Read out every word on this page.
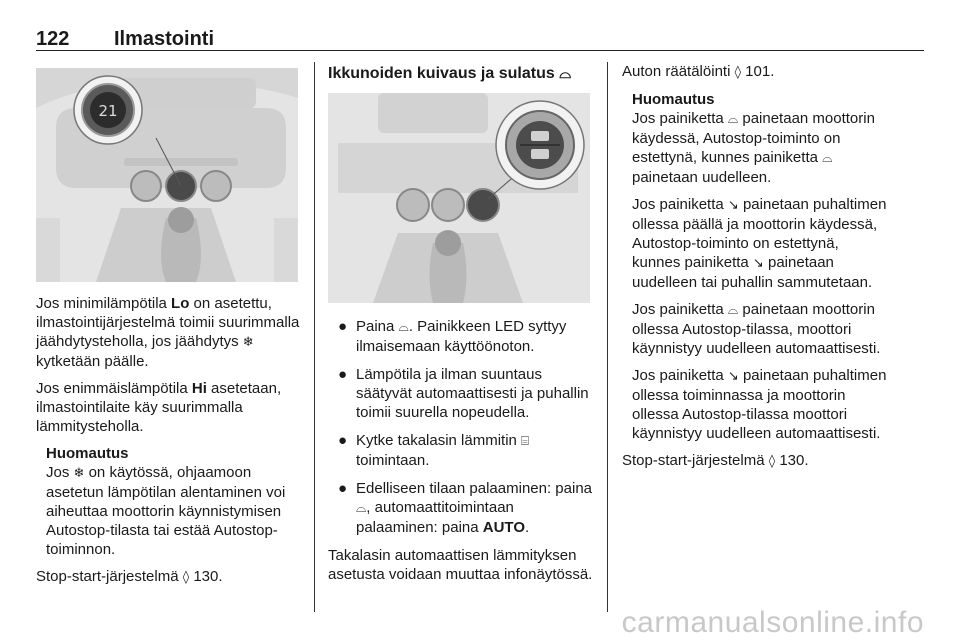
122 Ilmastointi
21

Jos minimilämpötila Lo on asetettu, ilmastointijärjestelmä toimii suurimmalla jäähdytysteholla, jos jäähdytys ❄ kytketään päälle.

Jos enimmäislämpötila Hi asetetaan, ilmastointilaite käy suurimmalla lämmitysteholla.

Huomautus
Jos ❄ on käytössä, ohjaamoon asetetun lämpötilan alentaminen voi aiheuttaa moottorin käynnistymisen Autostop-tilasta tai estää Autostop-toiminnon.

Stop-start-järjestelmä ◊ 130.

Ikkunoiden kuivaus ja sulatus ⌓
● Paina ⌓. Painikkeen LED syttyy ilmaisemaan käyttöönoton.
● Lämpötila ja ilman suuntaus säätyvät automaattisesti ja puhallin toimii suurella nopeudella.
● Kytke takalasin lämmitin ⌸ toimintaan.
● Edelliseen tilaan palaaminen: paina ⌓, automaattitoimintaan palaaminen: paina AUTO.

Takalasin automaattisen lämmityksen asetusta voidaan muuttaa infonäytössä.

Auton räätälöinti ◊ 101.

Huomautus

Jos painiketta ⌓ painetaan moottorin käydessä, Autostop-toiminto on estettynä, kunnes painiketta ⌓ painetaan uudelleen.

Jos painiketta ↘ painetaan puhaltimen ollessa päällä ja moottorin käydessä, Autostop-toiminto on estettynä, kunnes painiketta ↘ painetaan uudelleen tai puhallin sammutetaan.

Jos painiketta ⌓ painetaan moottorin ollessa Autostop-tilassa, moottori käynnistyy uudelleen automaattisesti.

Jos painiketta ↘ painetaan puhaltimen ollessa toiminnassa ja moottorin ollessa Autostop-tilassa moottori käynnistyy uudelleen automaattisesti.

Stop-start-järjestelmä ◊ 130.

carmanualsonline.info
